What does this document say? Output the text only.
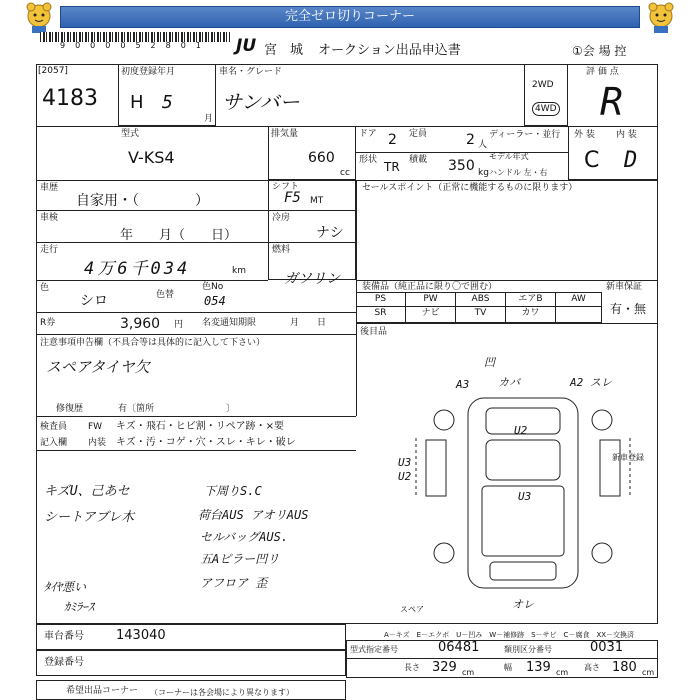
完全ゼロ切りコーナー
9000052801 JU 宮　城 オークション出品申込書	①会 場 控
[2057]
4183
初度登録年月
H 5
月
車名・グレード
サンバー
2WD
4WD
評 価 点
R
型式
V-KS4
排気量
660
cc
ドア 2 定員	2 人
ディーラー・並行
形状 TR 積載 350 kg
モデル年式
ハンドル 左・右
外 装 内 装
C D
車歴
自家用・（　　　　）
シフト
F5 MT
セールスポイント（正常に機能するものに限ります）
車検
年　　月（　　日）
冷房
ナシ
走行
4万6千034	km
燃料
ガソリン
色
シロ	色替
色No
054
R券	3,960 円 名変通知期限	月　　日
装備品（純正品に限り〇で囲む）	新車保証
有・無
PS	PW	ABS	エアB	AW
SR	ナビ	TV	カワ
後目品
注意事項申告欄（不具合等は具体的に記入して下さい）
スペアタイヤ欠
修復歴	有〔箇所　　　　　　　　〕
検査員 FW キズ・飛石・ヒビ割・リペア跡・×要
記入欄 内装 キズ・汚・コゲ・穴・スレ・キレ・破レ
キズU、己あセ
シートアブレ木
ﾀｲﾔ悪い
ｶﾐﾗｰｽ
下周りS.C
荷台AUS アオリAUS
セルバッグAUS.
五Aピラー凹リ
アフロア 歪
凹
A3	カバ	A2 スレ
U2
U3
U2
U3
オレ
スペア
新車登録
車台番号 143040	A－キズ　E－エクボ　U－凹み　W－補修跡　S－サビ　C－腐食　XX－交換済
登録番号
型式指定番号	06481	類別区分番号	0031
長さ 329 cm
幅 139 cm
高さ 180 cm
希望出品コーナー （コーナーは各会場により異なります）
